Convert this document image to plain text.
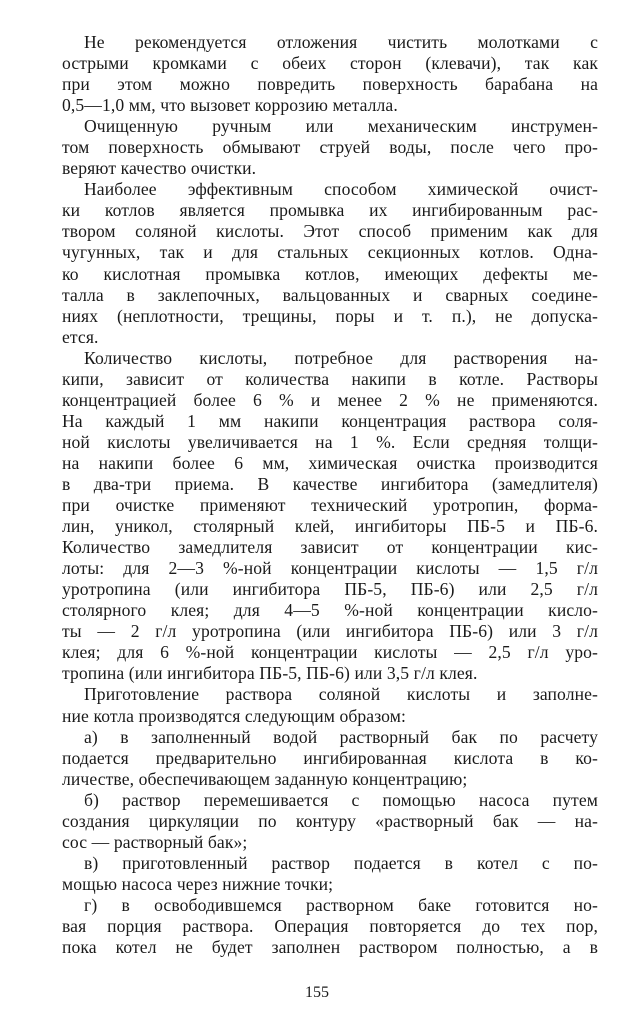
Не рекомендуется отложения чистить молотками с
острыми кромками с обеих сторон (клевачи), так как
при этом можно повредить поверхность барабана на
0,5—1,0 мм, что вызовет коррозию металла.

Очищенную ручным или механическим инструмен-
том поверхность обмывают струей воды, после чего про-
веряют качество очистки.

Наиболее эффективным способом химической очист-
ки котлов является промывка их ингибированным рас-
твором соляной кислоты. Этот способ применим как для
чугунных, так и для стальных секционных котлов. Одна-
ко кислотная промывка котлов, имеющих дефекты ме-
талла в заклепочных, вальцованных и сварных соедине-
ниях (неплотности, трещины, поры и т. п.), не допуска-
ется.

Количество кислоты, потребное для растворения на-
кипи, зависит от количества накипи в котле. Растворы
концентрацией более 6 % и менее 2 % не применяются.
На каждый 1 мм накипи концентрация раствора соля-
ной кислоты увеличивается на 1 %. Если средняя толщи-
на накипи более 6 мм, химическая очистка производится
в два-три приема. В качестве ингибитора (замедлителя)
при очистке применяют технический уротропин, форма-
лин, уникол, столярный клей, ингибиторы ПБ-5 и ПБ-6.
Количество замедлителя зависит от концентрации кис-
лоты: для 2—3 %-ной концентрации кислоты — 1,5 г/л
уротропина (или ингибитора ПБ-5, ПБ-6) или 2,5 г/л
столярного клея; для 4—5 %-ной концентрации кисло-
ты — 2 г/л уротропина (или ингибитора ПБ-6) или 3 г/л
клея; для 6 %-ной концентрации кислоты — 2,5 г/л уро-
тропина (или ингибитора ПБ-5, ПБ-6) или 3,5 г/л клея.

Приготовление раствора соляной кислоты и заполне-
ние котла производятся следующим образом:

а) в заполненный водой растворный бак по расчету
подается предварительно ингибированная кислота в ко-
личестве, обеспечивающем заданную концентрацию;

б) раствор перемешивается с помощью насоса путем
создания циркуляции по контуру «растворный бак — на-
сос — растворный бак»;

в) приготовленный раствор подается в котел с по-
мощью насоса через нижние точки;

г) в освободившемся растворном баке готовится но-
вая порция раствора. Операция повторяется до тех пор,
пока котел не будет заполнен раствором полностью, а в

155
